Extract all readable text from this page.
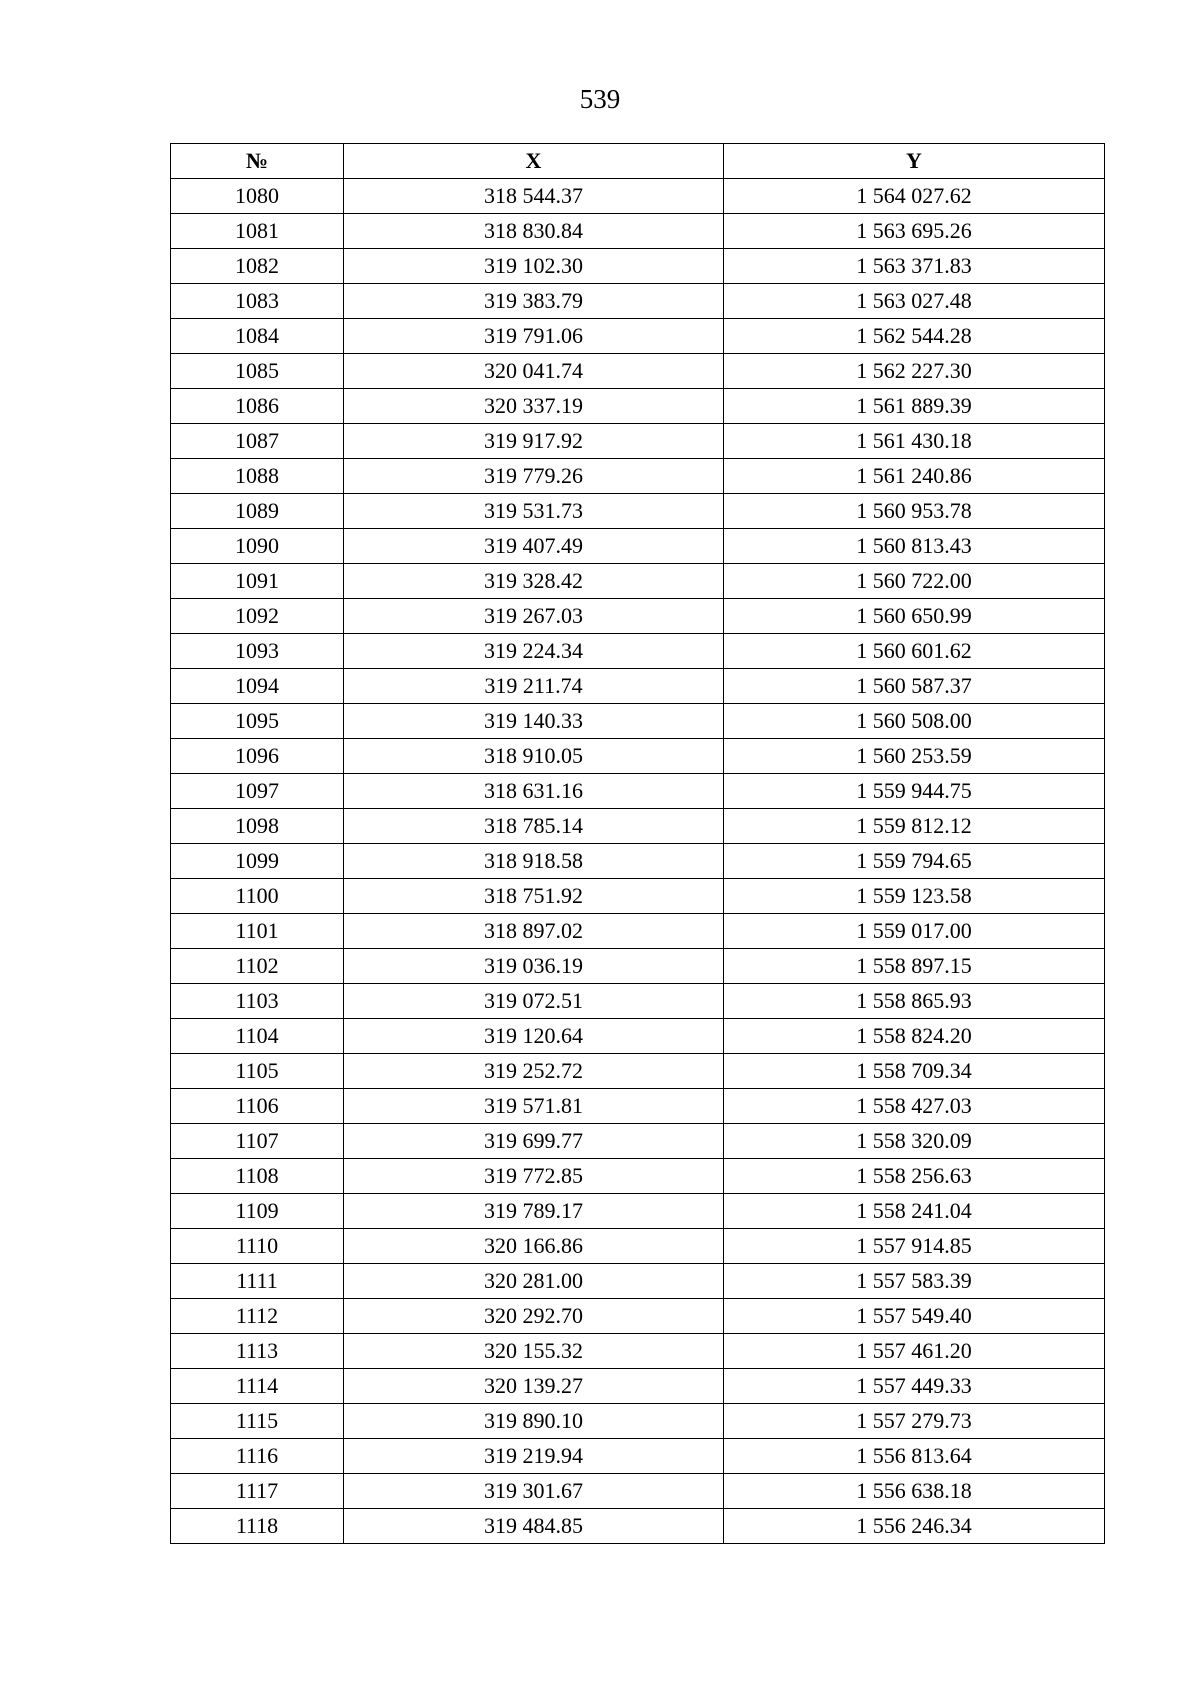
539
№	X	Y
1080	318 544.37	1 564 027.62
1081	318 830.84	1 563 695.26
1082	319 102.30	1 563 371.83
1083	319 383.79	1 563 027.48
1084	319 791.06	1 562 544.28
1085	320 041.74	1 562 227.30
1086	320 337.19	1 561 889.39
1087	319 917.92	1 561 430.18
1088	319 779.26	1 561 240.86
1089	319 531.73	1 560 953.78
1090	319 407.49	1 560 813.43
1091	319 328.42	1 560 722.00
1092	319 267.03	1 560 650.99
1093	319 224.34	1 560 601.62
1094	319 211.74	1 560 587.37
1095	319 140.33	1 560 508.00
1096	318 910.05	1 560 253.59
1097	318 631.16	1 559 944.75
1098	318 785.14	1 559 812.12
1099	318 918.58	1 559 794.65
1100	318 751.92	1 559 123.58
1101	318 897.02	1 559 017.00
1102	319 036.19	1 558 897.15
1103	319 072.51	1 558 865.93
1104	319 120.64	1 558 824.20
1105	319 252.72	1 558 709.34
1106	319 571.81	1 558 427.03
1107	319 699.77	1 558 320.09
1108	319 772.85	1 558 256.63
1109	319 789.17	1 558 241.04
1110	320 166.86	1 557 914.85
1111	320 281.00	1 557 583.39
1112	320 292.70	1 557 549.40
1113	320 155.32	1 557 461.20
1114	320 139.27	1 557 449.33
1115	319 890.10	1 557 279.73
1116	319 219.94	1 556 813.64
1117	319 301.67	1 556 638.18
1118	319 484.85	1 556 246.34
